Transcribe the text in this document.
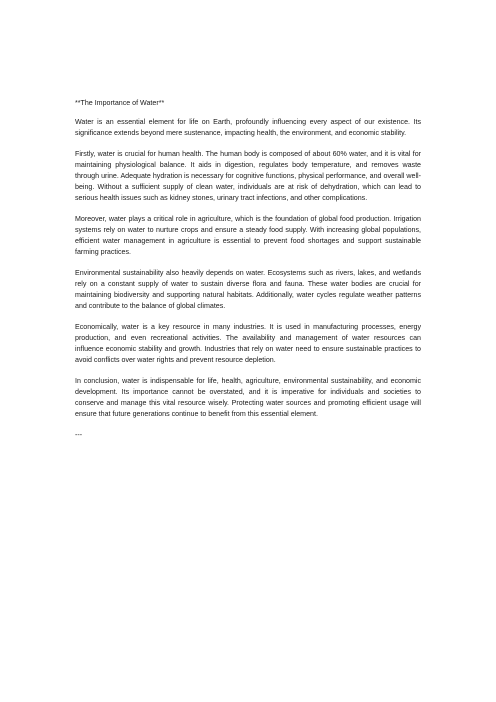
**The Importance of Water**

Water is an essential element for life on Earth, profoundly influencing every aspect of our existence. Its significance extends beyond mere sustenance, impacting health, the environment, and economic stability.

Firstly, water is crucial for human health. The human body is composed of about 60% water, and it is vital for maintaining physiological balance. It aids in digestion, regulates body temperature, and removes waste through urine. Adequate hydration is necessary for cognitive functions, physical performance, and overall well-being. Without a sufficient supply of clean water, individuals are at risk of dehydration, which can lead to serious health issues such as kidney stones, urinary tract infections, and other complications.

Moreover, water plays a critical role in agriculture, which is the foundation of global food production. Irrigation systems rely on water to nurture crops and ensure a steady food supply. With increasing global populations, efficient water management in agriculture is essential to prevent food shortages and support sustainable farming practices.

Environmental sustainability also heavily depends on water. Ecosystems such as rivers, lakes, and wetlands rely on a constant supply of water to sustain diverse flora and fauna. These water bodies are crucial for maintaining biodiversity and supporting natural habitats. Additionally, water cycles regulate weather patterns and contribute to the balance of global climates.

Economically, water is a key resource in many industries. It is used in manufacturing processes, energy production, and even recreational activities. The availability and management of water resources can influence economic stability and growth. Industries that rely on water need to ensure sustainable practices to avoid conflicts over water rights and prevent resource depletion.

In conclusion, water is indispensable for life, health, agriculture, environmental sustainability, and economic development. Its importance cannot be overstated, and it is imperative for individuals and societies to conserve and manage this vital resource wisely. Protecting water sources and promoting efficient usage will ensure that future generations continue to benefit from this essential element.

---
